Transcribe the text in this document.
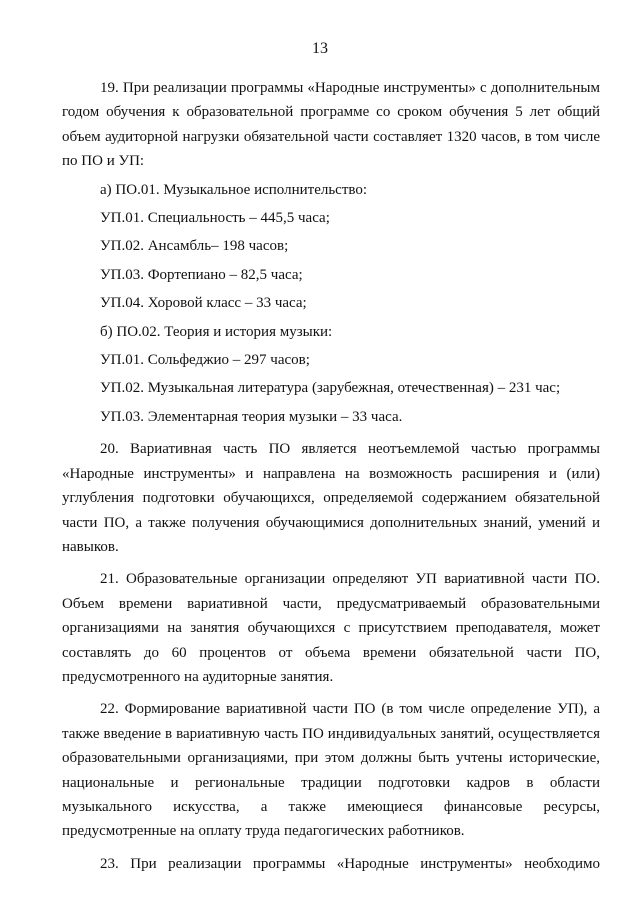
13

19. При реализации программы «Народные инструменты» с дополнительным годом обучения к образовательной программе со сроком обучения 5 лет общий объем аудиторной нагрузки обязательной части составляет 1320 часов, в том числе по ПО и УП:

а) ПО.01. Музыкальное исполнительство:

УП.01. Специальность – 445,5 часа;

УП.02. Ансамбль– 198 часов;

УП.03. Фортепиано – 82,5 часа;

УП.04. Хоровой класс – 33 часа;

б) ПО.02. Теория и история музыки:

УП.01. Сольфеджио – 297 часов;

УП.02. Музыкальная литература (зарубежная, отечественная) – 231 час;

УП.03. Элементарная теория музыки – 33 часа.

20. Вариативная часть ПО является неотъемлемой частью программы «Народные инструменты» и направлена на возможность расширения и (или) углубления подготовки обучающихся, определяемой содержанием обязательной части ПО, а также получения обучающимися дополнительных знаний, умений и навыков.

21. Образовательные организации определяют УП вариативной части ПО. Объем времени вариативной части, предусматриваемый образовательными организациями на занятия обучающихся с присутствием преподавателя, может составлять до 60 процентов от объема времени обязательной части ПО, предусмотренного на аудиторные занятия.

22. Формирование вариативной части ПО (в том числе определение УП), а также введение в вариативную часть ПО индивидуальных занятий, осуществляется образовательными организациями, при этом должны быть учтены исторические, национальные и региональные традиции подготовки кадров в области музыкального искусства, а также имеющиеся финансовые ресурсы, предусмотренные на оплату труда педагогических работников.

23. При реализации программы «Народные инструменты» необходимо
